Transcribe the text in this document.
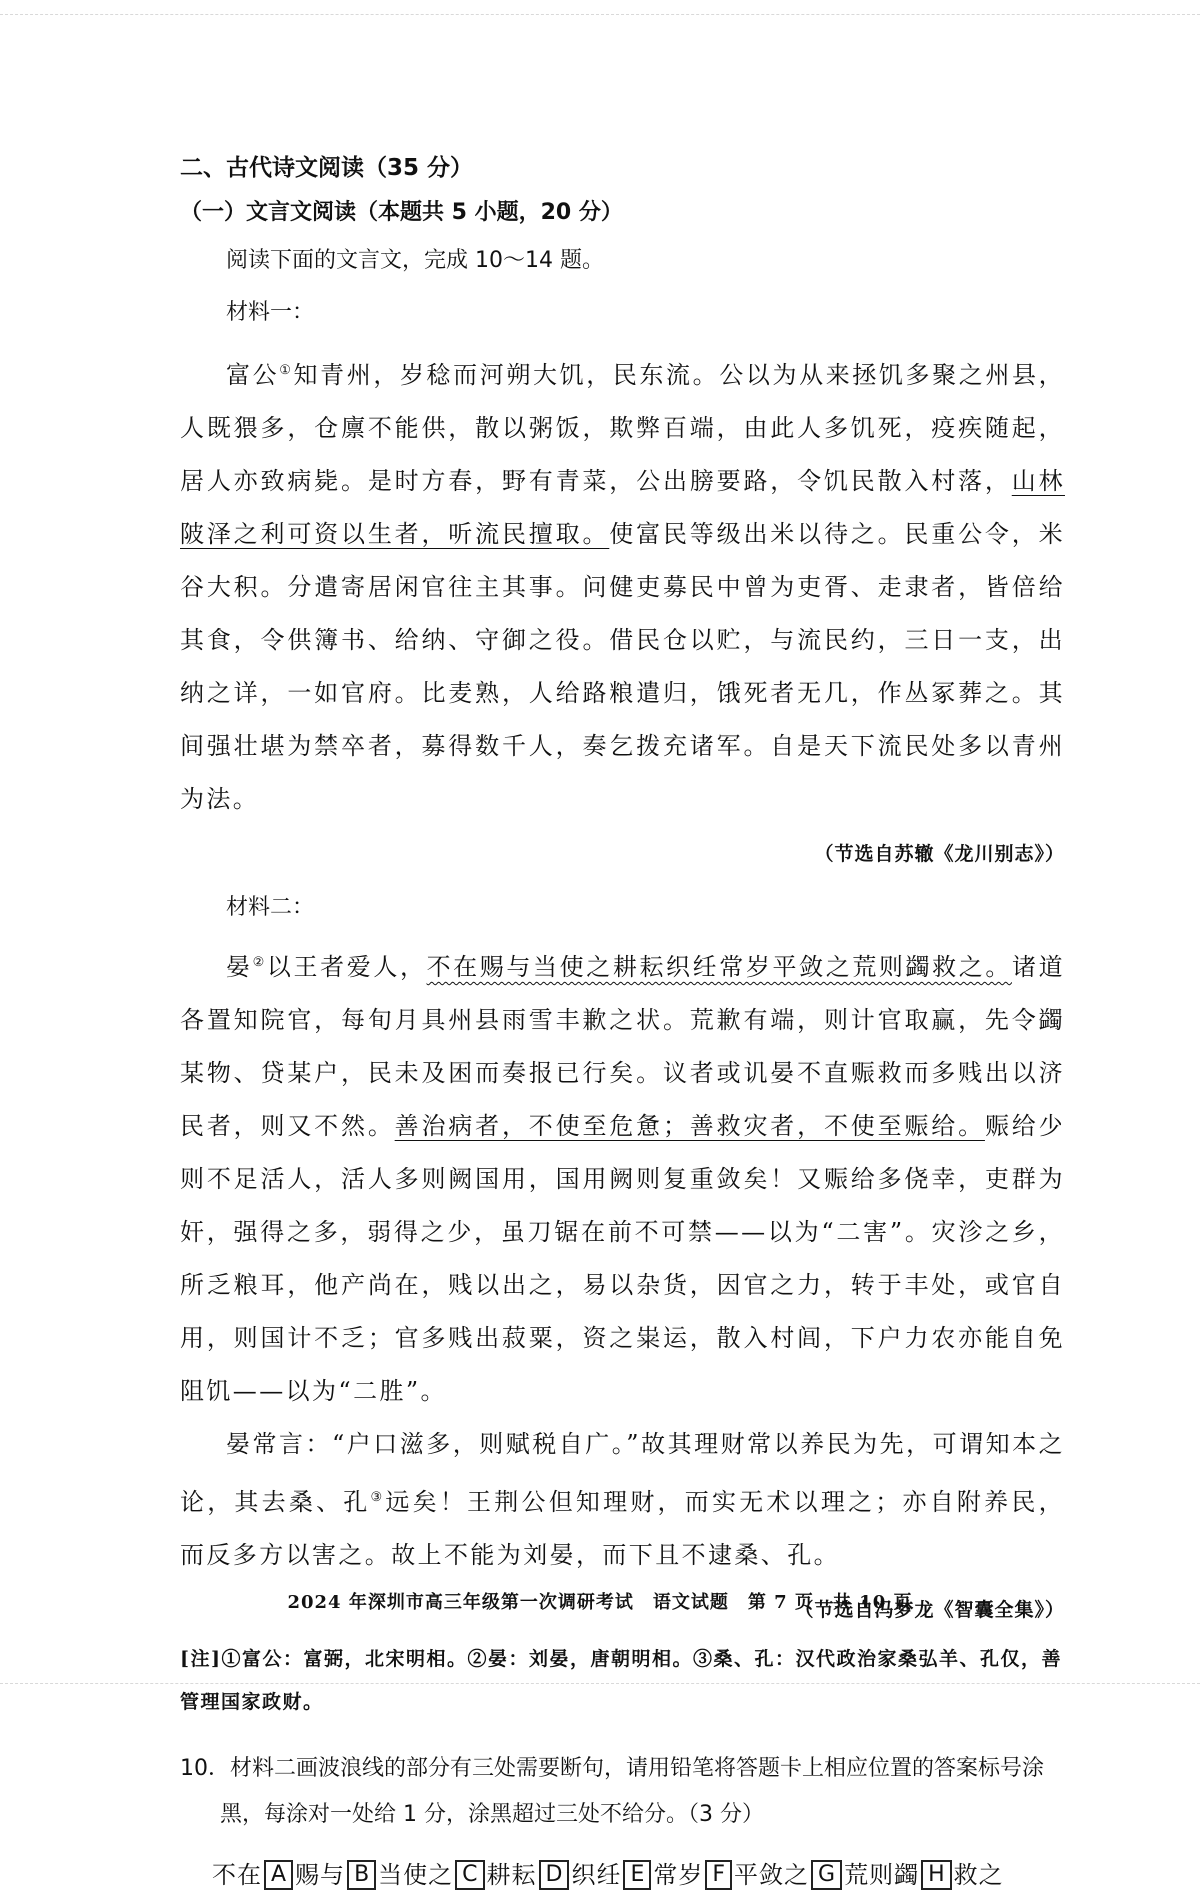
二、古代诗文阅读（35 分）
（一）文言文阅读（本题共 5 小题，20 分）

阅读下面的文言文，完成 10～14 题。

材料一：

富公①知青州，岁稔而河朔大饥，民东流。公以为从来拯饥多聚之州县，人既猥多，仓廪不能供，散以粥饭，欺弊百端，由此人多饥死，疫疾随起，居人亦致病毙。是时方春，野有青菜，公出膀要路，令饥民散入村落，山林陂泽之利可资以生者，听流民擅取。使富民等级出米以待之。民重公令，米谷大积。分遣寄居闲官往主其事。问健吏募民中曾为吏胥、走隶者，皆倍给其食，令供簿书、给纳、守御之役。借民仓以贮，与流民约，三日一支，出纳之详，一如官府。比麦熟，人给路粮遣归，饿死者无几，作丛冢葬之。其间强壮堪为禁卒者，募得数千人，奏乞拨充诸军。自是天下流民处多以青州为法。

（节选自苏辙《龙川别志》）

材料二：

晏②以王者爱人，不在赐与当使之耕耘织纴常岁平敛之荒则蠲救之。诸道各置知院官，每旬月具州县雨雪丰歉之状。荒歉有端，则计官取赢，先令蠲某物、贷某户，民未及困而奏报已行矣。议者或讥晏不直赈救而多贱出以济民者，则又不然。善治病者，不使至危惫；善救灾者，不使至赈给。赈给少则不足活人，活人多则阙国用，国用阙则复重敛矣！又赈给多侥幸，吏群为奸，强得之多，弱得之少，虽刀锯在前不可禁——以为“二害”。灾沴之乡，所乏粮耳，他产尚在，贱以出之，易以杂货，因官之力，转于丰处，或官自用，则国计不乏；官多贱出菽粟，资之粜运，散入村闾，下户力农亦能自免阻饥——以为“二胜”。

晏常言：“户口滋多，则赋税自广。”故其理财常以养民为先，可谓知本之论，其去桑、孔③远矣！王荆公但知理财，而实无术以理之；亦自附养民，而反多方以害之。故上不能为刘晏，而下且不逮桑、孔。

（节选自冯梦龙《智囊全集》）

[注]①富公：富弼，北宋明相。②晏：刘晏，唐朝明相。③桑、孔：汉代政治家桑弘羊、孔仅，善管理国家政财。

10．材料二画波浪线的部分有三处需要断句，请用铅笔将答题卡上相应位置的答案标号涂黑，每涂对一处给 1 分，涂黑超过三处不给分。（3 分）

不在 A 赐与 B 当使之 C 耕耘 D 织纴 E 常岁 F 平敛之 G 荒则蠲 H 救之
2024 年深圳市高三年级第一次调研考试　语文试题　第 7 页　共 10 页
